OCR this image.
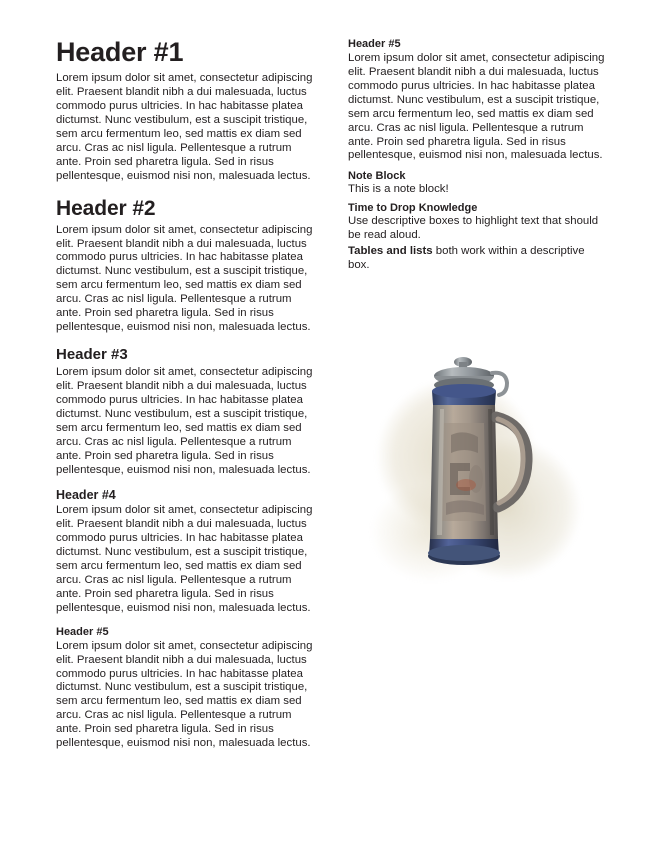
Header #1

Lorem ipsum dolor sit amet, consectetur adipiscing elit. Praesent blandit nibh a dui malesuada, luctus commodo purus ultricies. In hac habitasse platea dictumst. Nunc vestibulum, est a suscipit tristique, sem arcu fermentum leo, sed mattis ex diam sed arcu. Cras ac nisl ligula. Pellentesque a rutrum ante. Proin sed pharetra ligula. Sed in risus pellentesque, euismod nisi non, malesuada lectus.

Header #2

Lorem ipsum dolor sit amet, consectetur adipiscing elit. Praesent blandit nibh a dui malesuada, luctus commodo purus ultricies. In hac habitasse platea dictumst. Nunc vestibulum, est a suscipit tristique, sem arcu fermentum leo, sed mattis ex diam sed arcu. Cras ac nisl ligula. Pellentesque a rutrum ante. Proin sed pharetra ligula. Sed in risus pellentesque, euismod nisi non, malesuada lectus.

Header #3

Lorem ipsum dolor sit amet, consectetur adipiscing elit. Praesent blandit nibh a dui malesuada, luctus commodo purus ultricies. In hac habitasse platea dictumst. Nunc vestibulum, est a suscipit tristique, sem arcu fermentum leo, sed mattis ex diam sed arcu. Cras ac nisl ligula. Pellentesque a rutrum ante. Proin sed pharetra ligula. Sed in risus pellentesque, euismod nisi non, malesuada lectus.

Header #4

Lorem ipsum dolor sit amet, consectetur adipiscing elit. Praesent blandit nibh a dui malesuada, luctus commodo purus ultricies. In hac habitasse platea dictumst. Nunc vestibulum, est a suscipit tristique, sem arcu fermentum leo, sed mattis ex diam sed arcu. Cras ac nisl ligula. Pellentesque a rutrum ante. Proin sed pharetra ligula. Sed in risus pellentesque, euismod nisi non, malesuada lectus.

Header #5

Lorem ipsum dolor sit amet, consectetur adipiscing elit. Praesent blandit nibh a dui malesuada, luctus commodo purus ultricies. In hac habitasse platea dictumst. Nunc vestibulum, est a suscipit tristique, sem arcu fermentum leo, sed mattis ex diam sed arcu. Cras ac nisl ligula. Pellentesque a rutrum ante. Proin sed pharetra ligula. Sed in risus pellentesque, euismod nisi non, malesuada lectus.

Header #5

Lorem ipsum dolor sit amet, consectetur adipiscing elit. Praesent blandit nibh a dui malesuada, luctus commodo purus ultricies. In hac habitasse platea dictumst. Nunc vestibulum, est a suscipit tristique, sem arcu fermentum leo, sed mattis ex diam sed arcu. Cras ac nisl ligula. Pellentesque a rutrum ante. Proin sed pharetra ligula. Sed in risus pellentesque, euismod nisi non, malesuada lectus.

Note Block
This is a note block!
Time to Drop Knowledge

Use descriptive boxes to highlight text that should be read aloud.

Tables and lists both work within a descriptive box.
